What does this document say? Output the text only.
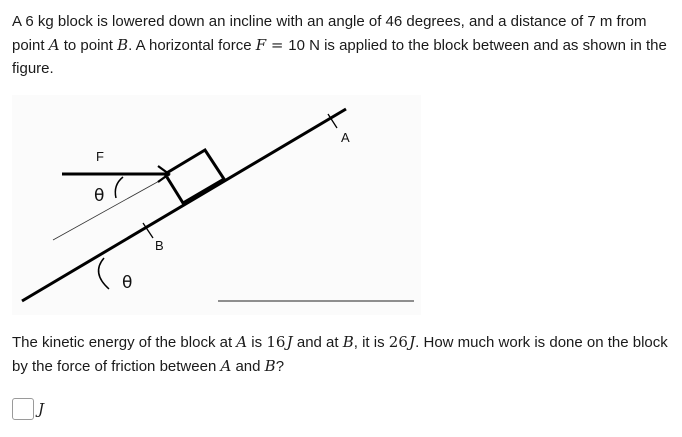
A 6 kg block is lowered down an incline with an angle of 46 degrees, and a distance of 7 m from point A to point B. A horizontal force F = 10 N is applied to the block between and as shown in the figure.

F
A
B
θ
θ

The kinetic energy of the block at A is 16 J and at B, it is 26 J. How much work is done on the block by the force of friction between A and B?

J
